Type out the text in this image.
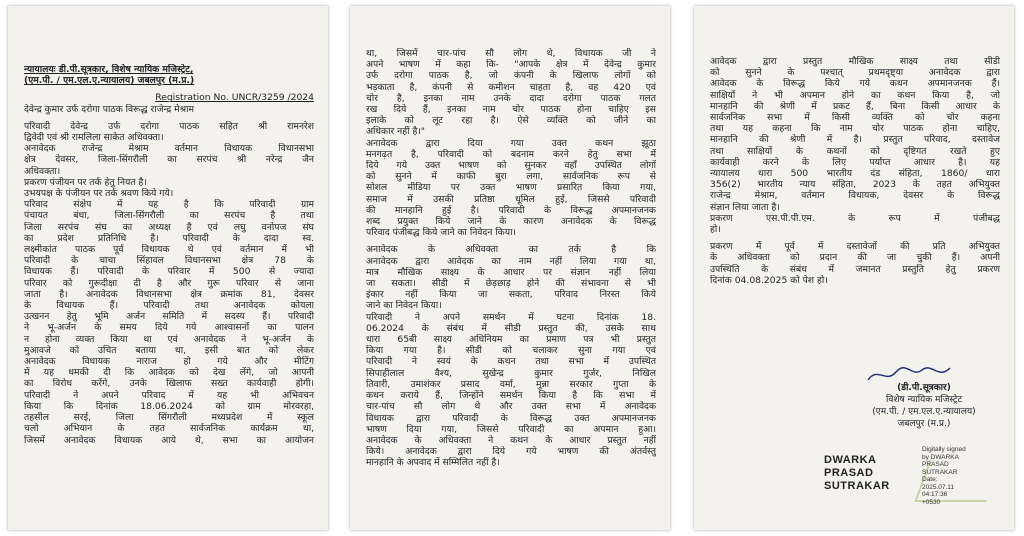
न्यायालयः डी.पी.सूत्रकार, विशेष न्यायिक मजिस्ट्रेट,
(एम.पी. / एम.एल.ए.न्यायालय) जबलपुर (म.प्र.)
Registration No. UNCR/3259 /2024
देवेन्द्र कुमार उर्फ दरोगा पाठक विरूद्ध राजेन्द्र मेश्राम
परिवादी देवेन्द्र उर्फ दरोगा पाठक सहित श्री रामनरेश
द्विवेदी एवं श्री रामलिला साकेत अधिवक्ता।
अनावेदक राजेन्द्र मेश्राम वर्तमान विधायक विधानसभा
क्षेत्र देवसर, जिला-सिंगरौली का सरपंच श्री नरेन्द्र जैन
अधिवक्ता।
प्रकरण पंजीयन पर तर्क हेतु नियत है।
उभयपक्ष के पंजीयन पर तर्क श्रवण किये गये।
परिवाद संक्षेप में यह है कि परिवादी ग्राम
पंचायत बंधा, जिला-सिंगरौली का सरपंच है तथा
जिला सरपंच संघ का अध्यक्ष है एवं लघु वनोपज संघ
का प्रदेश प्रतिनिधि है। परिवादी के दादा स्व.
लक्ष्मीकांत पाठक पूर्व विधायक थे एवं वर्तमान में भी
परिवादी के चाचा सिंहावल विधानसभा क्षेत्र 78 के
विधायक हैं। परिवादी के परिवार में 500 से ज्यादा
परिवार को गुरूदीक्षा दी है और गुरू परिवार से जाना
जाता है। अनावेदक विधानसभा क्षेत्र क्रमांक 81, देवसर
के विधायक हैं। परिवादी तथा अनावेदक कोयला
उत्खनन हेतु भूमि अर्जन समिति में सदस्य हैं। परिवादी
ने भू-अर्जन के समय दिये गये आश्वासनों का पालन
न होना व्यक्त किया था एवं अनावेदक ने भू-अर्जन के
मुआवजे को उचित बताया था, इसी बात को लेकर
अनावेदक विधायक नाराज हो गये और मीटिंग
में यह धमकी दी कि आवेदक को देख लेंगे, जो आपनी
का विरोध करेंगे, उनके खिलाफ सख्त कार्यवाही होगी।
परिवादी ने अपने परिवाद में यह भी अभिवचन
किया कि दिनांक 18.06.2024 को ग्राम मोरवरहा,
तहसील सरई, जिला सिंगरौली मध्यप्रदेश में स्कूल
चलो अभियान के तहत सार्वजनिक कार्यक्रम था,
जिसमें अनावेदक विधायक आये थे, सभा का आयोजन
था, जिसमें चार-पांच सौ लोग थे, विधायक जी ने
अपने भाषण में कहा कि- "आपके क्षेत्र में देवेन्द्र कुमार
उर्फ दरोगा पाठक है, जो कंपनी के खिलाफ लोगों को
भड़काता है, कंपनी से कमीशन चाहता है, वह 420 एवं
चोर है, इनका नाम उनके दादा दरोगा पाठक गलत
रख दिये हैं, इनका नाम चोर पाठक होना चाहिए इस
इलाके को लूट रहा है। ऐसे व्यक्ति को जीने का
अधिकार नहीं है।"
अनावेदक द्वारा दिया गया उक्त कथन झूठा
मनगढ़त है, परिवादी को बदनाम करने हेतु सभा में
दिये गये उक्त भाषण को सुनकर वहाँ उपस्थित लोगों
को सुनने में काफी बुरा लगा, सार्वजनिक रूप से
सोशल मीडिया पर उक्त भाषण प्रसारित किया गया,
समाज में उसकी प्रतिष्ठा धूमिल हुई, जिससे परिवादी
की मानहानि हुई है। परिवादी के विरूद्ध अपमानजनक
शब्द प्रयुक्त किये जाने के कारण अनावेदक के विरूद्ध
परिवाद पंजीबद्ध किये जाने का निवेदन किया।
अनावेदक के अधिवक्ता का तर्क है कि
अनावेदक द्वारा आवेदक का नाम नहीं लिया गया था,
मात्र मौखिक साक्ष्य के आधार पर संज्ञान नहीं लिया
जा सकता। सीडी में छेड़छाड़ होने की संभावना से भी
इंकार नहीं किया जा सकता, परिवाद निरस्त किये
जाने का निवेदन किया।
परिवादी ने अपने समर्थन में घटना दिनांक 18.
06.2024 के संबंध में सीडी प्रस्तुत की, उसके साथ
धारा 65बी साक्ष्य अधिनियम का प्रमाण पत्र भी प्रस्तुत
किया गया है। सीडी को चलाकर सुना गया एवं
परिवादी ने स्वयं के कथन तथा सभा में उपस्थित
सिपाहीलाल वैश्य, सुखेन्द्र कुमार गुर्जर, निखिल
तिवारी, उमाशंकर प्रसाद वर्मा, मुन्ना सरकार गुप्ता के
कथन कराये हैं, जिन्होंने समर्थन किया है कि सभा में
चार-पांच सौ लोग थे और उक्त सभा में अनावेदक
विधायक द्वारा परिवादी के विरूद्ध उक्त अपमानजनक
भाषण दिया गया, जिससे परिवादी का अपमान हुआ।
अनावेदक के अधिवक्ता ने कथन के आधार प्रस्तुत नहीं
किये। अनावेदक द्वारा दिये गये भाषण की अंतर्वस्तु
मानहानि के अपवाद में सम्मिलित नहीं है।
आवेदक द्वारा प्रस्तुत मौखिक साक्ष्य तथा सीडी
को सुनने के पश्चात् प्रथमदृष्ट्या अनावेदक द्वारा
आवेदक के विरूद्ध किये गये कथन अपमानजनक हैं।
साक्षियों ने भी अपमान होने का कथन किया है, जो
मानहानि की श्रेणी में प्रकट हैं, बिना किसी आधार के
सार्वजनिक सभा में किसी व्यक्ति को चोर कहना
तथा यह कहना कि नाम चोर पाठक होना चाहिए,
मानहानि की श्रेणी में है। प्रस्तुत परिवाद, दस्तावेज
तथा साक्षियों के कथनों को दृष्टिगत रखते हुए
कार्यवाही करने के लिए पर्याप्त आधार है। यह
न्यायालय धारा 500 भारतीय दंड संहिता, 1860/ धारा
356(2) भारतीय न्याय संहिता, 2023 के तहत अभियुक्त
राजेन्द्र मेश्राम, वर्तमान विधायक, देवसर के विरूद्ध
संज्ञान लिया जाता है।
प्रकरण एस.पी.पी.एम. के रूप में पंजीबद्ध
हो।
प्रकरण में पूर्व में दस्तावेजों की प्रति अभियुक्त
के अधिवक्ता को प्रदान की जा चुकी हैं। अपनी
उपस्थिति के संबंध में जमानत प्रस्तुति हेतु प्रकरण
दिनांक 04.08.2025 को पेश हो।
(डी.पी.सूत्रकार)
विशेष न्यायिक मजिस्ट्रेट
(एम.पी. / एम.एल.ए.न्यायालय)
जबलपुर (म.प्र.)
DWARKA
PRASAD
SUTRAKAR
Digitally signed
by DWARKA
PRASAD
SUTRAKAR
Date:
2025.07.11
04:17:36
+0530
